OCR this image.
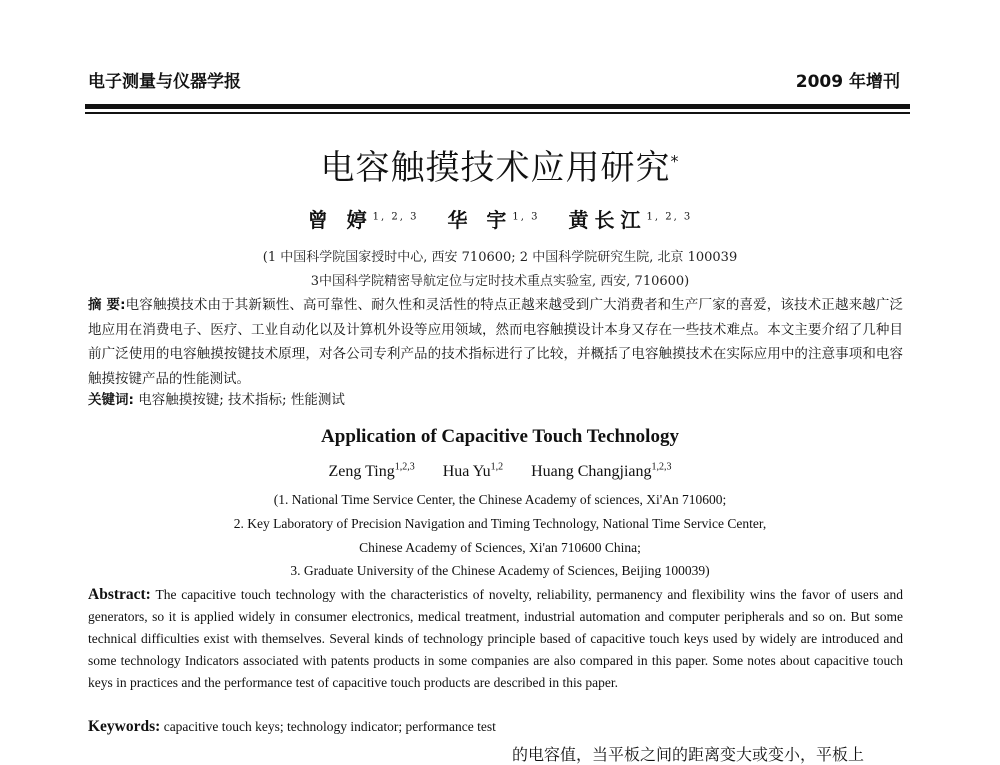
电子测量与仪器学报	2009 年增刊
电容触摸技术应用研究*
曾 婷$^{1, 2, 3}$ 华 宇$^{1, 3}$ 黄长江$^{1, 2, 3}$
(1 中国科学院国家授时中心, 西安 710600; 2 中国科学院研究生院, 北京 100039
3中国科学院精密导航定位与定时技术重点实验室, 西安, 710600)
摘 要:电容触摸技术由于其新颖性、高可靠性、耐久性和灵活性的特点正越来越受到广大消费者和生产厂家的喜爱，该技术正越来越广泛地应用在消费电子、医疗、工业自动化以及计算机外设等应用领域，然而电容触摸设计本身又存在一些技术难点。本文主要介绍了几种目前广泛使用的电容触摸按键技术原理，对各公司专利产品的技术指标进行了比较，并概括了电容触摸技术在实际应用中的注意事项和电容触摸按键产品的性能测试。
关键词: 电容触摸按键; 技术指标; 性能测试
Application of Capacitive Touch Technology
Zeng Ting$^{1,2,3}$ Hua Yu$^{1,2}$ Huang Changjiang$^{1,2,3}$
(1. National Time Service Center, the Chinese Academy of sciences, Xi'An 710600;
2. Key Laboratory of Precision Navigation and Timing Technology, National Time Service Center,
Chinese Academy of Sciences, Xi'an 710600 China;
3. Graduate University of the Chinese Academy of Sciences, Beijing 100039)
Abstract: The capacitive touch technology with the characteristics of novelty, reliability, permanency and flexibility wins the favor of users and generators, so it is applied widely in consumer electronics, medical treatment, industrial automation and computer peripherals and so on. But some technical difficulties exist with themselves. Several kinds of technology principle based of capacitive touch keys used by widely are introduced and some technology Indicators associated with patents products in some companies are also compared in this paper. Some notes about capacitive touch keys in practices and the performance test of capacitive touch products are described in this paper.
Keywords: capacitive touch keys; technology indicator; performance test
的电容值，当平板之间的距离变大或变小，平板上
